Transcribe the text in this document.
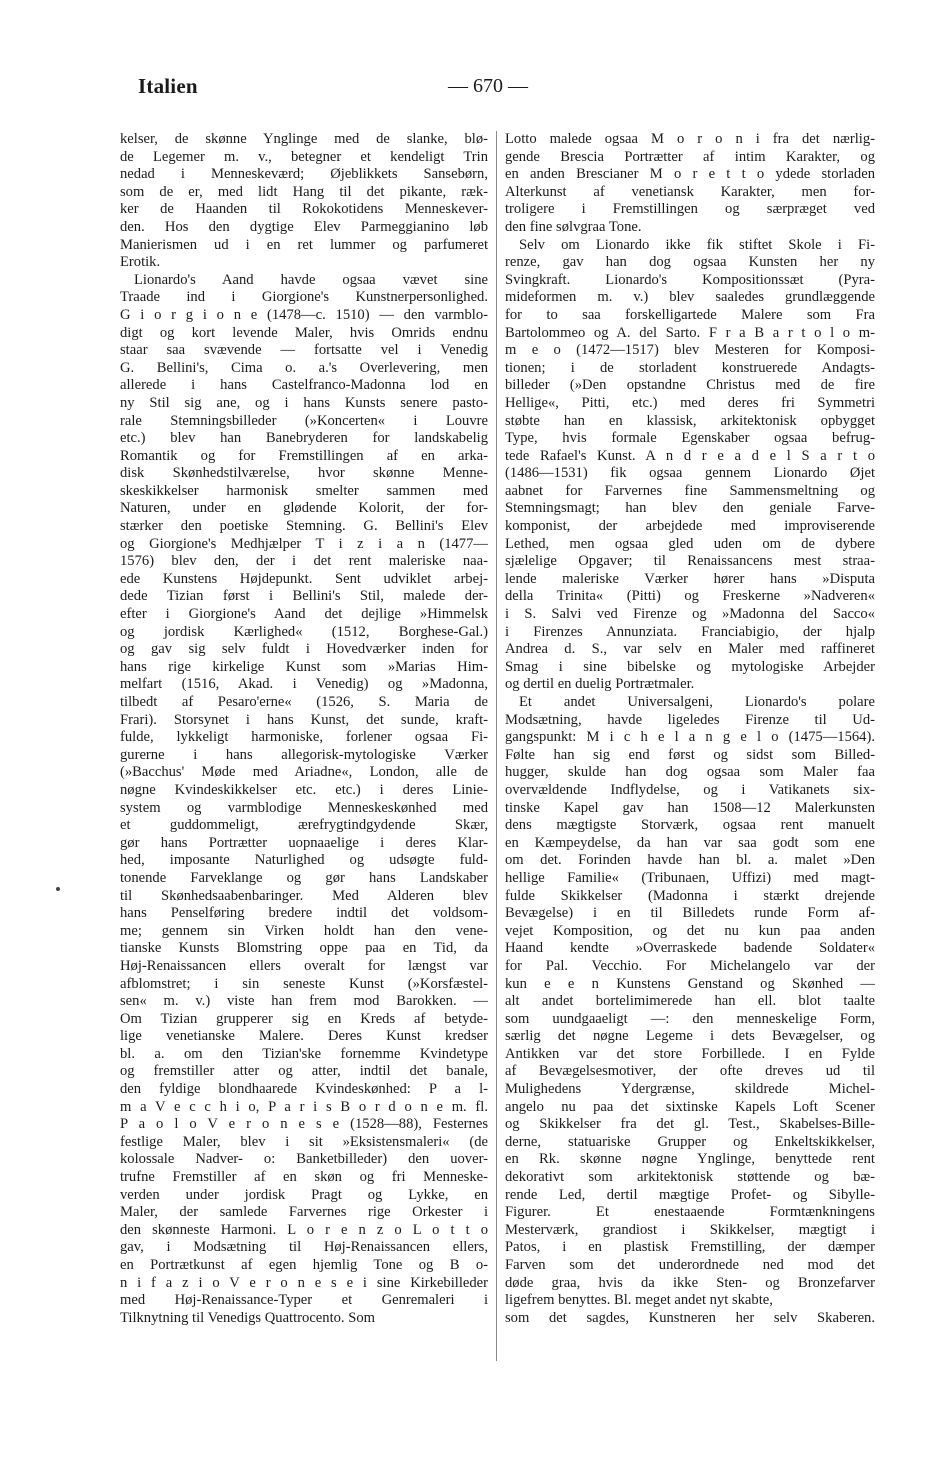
Italien	— 670 —
kelser, de skønne Ynglinge med de slanke, blø-
de Legemer m. v., betegner et kendeligt Trin
nedad i Menneskeværd; Øjeblikkets Sansebørn,
som de er, med lidt Hang til det pikante, ræk-
ker de Haanden til Rokokotidens Menneskever-
den. Hos den dygtige Elev Parmeggianino løb
Manierismen ud i en ret lummer og parfumeret
Erotik.
Lionardo's Aand havde ogsaa vævet sine
Traade ind i Giorgione's Kunstnerpersonlighed.
G i o r g i o n e (1478—c. 1510) — den varmblo-
digt og kort levende Maler, hvis Omrids endnu
staar saa svævende — fortsatte vel i Venedig
G. Bellini's, Cima o. a.'s Overlevering, men
allerede i hans Castelfranco-Madonna lod en
ny Stil sig ane, og i hans Kunsts senere pasto-
rale Stemningsbilleder (»Koncerten« i Louvre
etc.) blev han Banebryderen for landskabelig
Romantik og for Fremstillingen af en arka-
disk Skønhedstilværelse, hvor skønne Menne-
skeskikkelser harmonisk smelter sammen med
Naturen, under en glødende Kolorit, der for-
stærker den poetiske Stemning. G. Bellini's Elev
og Giorgione's Medhjælper T i z i a n (1477—
1576) blev den, der i det rent maleriske naa-
ede Kunstens Højdepunkt. Sent udviklet arbej-
dede Tizian først i Bellini's Stil, malede der-
efter i Giorgione's Aand det dejlige »Himmelsk
og jordisk Kærlighed« (1512, Borghese-Gal.)
og gav sig selv fuldt i Hovedværker inden for
hans rige kirkelige Kunst som »Marias Him-
melfart (1516, Akad. i Venedig) og »Madonna,
tilbedt af Pesaro'erne« (1526, S. Maria de
Frari). Storsynet i hans Kunst, det sunde, kraft-
fulde, lykkeligt harmoniske, forlener ogsaa Fi-
gurerne i hans allegorisk-mytologiske Værker
(»Bacchus' Møde med Ariadne«, London, alle de
nøgne Kvindeskikkelser etc. etc.) i deres Linie-
system og varmblodige Menneskeskønhed med
et guddommeligt, ærefrygtindgydende Skær,
gør hans Portrætter uopnaaelige i deres Klar-
hed, imposante Naturlighed og udsøgte fuld-
tonende Farveklange og gør hans Landskaber
til Skønhedsaabenbaringer. Med Alderen blev
hans Penselføring bredere indtil det voldsom-
me; gennem sin Virken holdt han den vene-
tianske Kunsts Blomstring oppe paa en Tid, da
Høj-Renaissancen ellers overalt for længst var
afblomstret; i sin seneste Kunst (»Korsfæstel-
sen« m. v.) viste han frem mod Barokken. —
Om Tizian grupperer sig en Kreds af betyde-
lige venetianske Malere. Deres Kunst kredser
bl. a. om den Tizian'ske fornemme Kvindetype
og fremstiller atter og atter, indtil det banale,
den fyldige blondhaarede Kvindeskønhed: P a l-
m a V e c c h i o, P a r i s B o r d o n e m. fl.
P a o l o V e r o n e s e (1528—88), Festernes
festlige Maler, blev i sit »Eksistensmaleri« (de
kolossale Nadver- o: Banketbilleder) den uover-
trufne Fremstiller af en skøn og fri Menneske-
verden under jordisk Pragt og Lykke, en
Maler, der samlede Farvernes rige Orkester i
den skønneste Harmoni. L o r e n z o L o t t o
gav, i Modsætning til Høj-Renaissancen ellers,
en Portrætkunst af egen hjemlig Tone og B o-
n i f a z i o V e r o n e s e i sine Kirkebilleder
med Høj-Renaissance-Typer et Genremaleri i
Tilknytning til Venedigs Quattrocento. Som
Lotto malede ogsaa M o r o n i fra det nærlig-
gende Brescia Portrætter af intim Karakter, og
en anden Brescianer M o r e t t o ydede storladen
Alterkunst af venetiansk Karakter, men for-
troligere i Fremstillingen og særpræget ved
den fine sølvgraa Tone.
Selv om Lionardo ikke fik stiftet Skole i Fi-
renze, gav han dog ogsaa Kunsten her ny
Svingkraft. Lionardo's Kompositionssæt (Pyra-
mideformen m. v.) blev saaledes grundlæggende
for to saa forskelligartede Malere som Fra
Bartolommeo og A. del Sarto. F r a B a r t o l o m-
m e o (1472—1517) blev Mesteren for Komposi-
tionen; i de storladent konstruerede Andagts-
billeder (»Den opstandne Christus med de fire
Hellige«, Pitti, etc.) med deres fri Symmetri
støbte han en klassisk, arkitektonisk opbygget
Type, hvis formale Egenskaber ogsaa befrug-
tede Rafael's Kunst. A n d r e a d e l S a r t o
(1486—1531) fik ogsaa gennem Lionardo Øjet
aabnet for Farvernes fine Sammensmeltning og
Stemningsmagt; han blev den geniale Farve-
komponist, der arbejdede med improviserende
Lethed, men ogsaa gled uden om de dybere
sjælelige Opgaver; til Renaissancens mest straa-
lende maleriske Værker hører hans »Disputa
della Trinita« (Pitti) og Freskerne »Nadveren«
i S. Salvi ved Firenze og »Madonna del Sacco«
i Firenzes Annunziata. Franciabigio, der hjalp
Andrea d. S., var selv en Maler med raffineret
Smag i sine bibelske og mytologiske Arbejder
og dertil en duelig Portrætmaler.
Et andet Universalgeni, Lionardo's polare
Modsætning, havde ligeledes Firenze til Ud-
gangspunkt: M i c h e l a n g e l o (1475—1564).
Følte han sig end først og sidst som Billed-
hugger, skulde han dog ogsaa som Maler faa
overvældende Indflydelse, og i Vatikanets six-
tinske Kapel gav han 1508—12 Malerkunsten
dens mægtigste Storværk, ogsaa rent manuelt
en Kæmpeydelse, da han var saa godt som ene
om det. Forinden havde han bl. a. malet »Den
hellige Familie« (Tribunaen, Uffizi) med magt-
fulde Skikkelser (Madonna i stærkt drejende
Bevægelse) i en til Billedets runde Form af-
vejet Komposition, og det nu kun paa anden
Haand kendte »Overraskede badende Soldater«
for Pal. Vecchio. For Michelangelo var der
kun e e n Kunstens Genstand og Skønhed —
alt andet bortelimimerede han ell. blot taalte
som uundgaaeligt —: den menneskelige Form,
særlig det nøgne Legeme i dets Bevægelser, og
Antikken var det store Forbillede. I en Fylde
af Bevægelsesmotiver, der ofte dreves ud til
Mulighedens Ydergrænse, skildrede Michel-
angelo nu paa det sixtinske Kapels Loft Scener
og Skikkelser fra det gl. Test., Skabelses-Bille-
derne, statuariske Grupper og Enkeltskikkelser,
en Rk. skønne nøgne Ynglinge, benyttede rent
dekorativt som arkitektonisk støttende og bæ-
rende Led, dertil mægtige Profet- og Sibylle-
Figurer. Et enestaaende Formtænkningens
Mesterværk, grandiost i Skikkelser, mægtigt i
Patos, i en plastisk Fremstilling, der dæmper
Farven som det underordnede ned mod det
døde graa, hvis da ikke Sten- og Bronzefarver
ligefrem benyttes. Bl. meget andet nyt skabte,
som det sagdes, Kunstneren her selv Skaberen.
